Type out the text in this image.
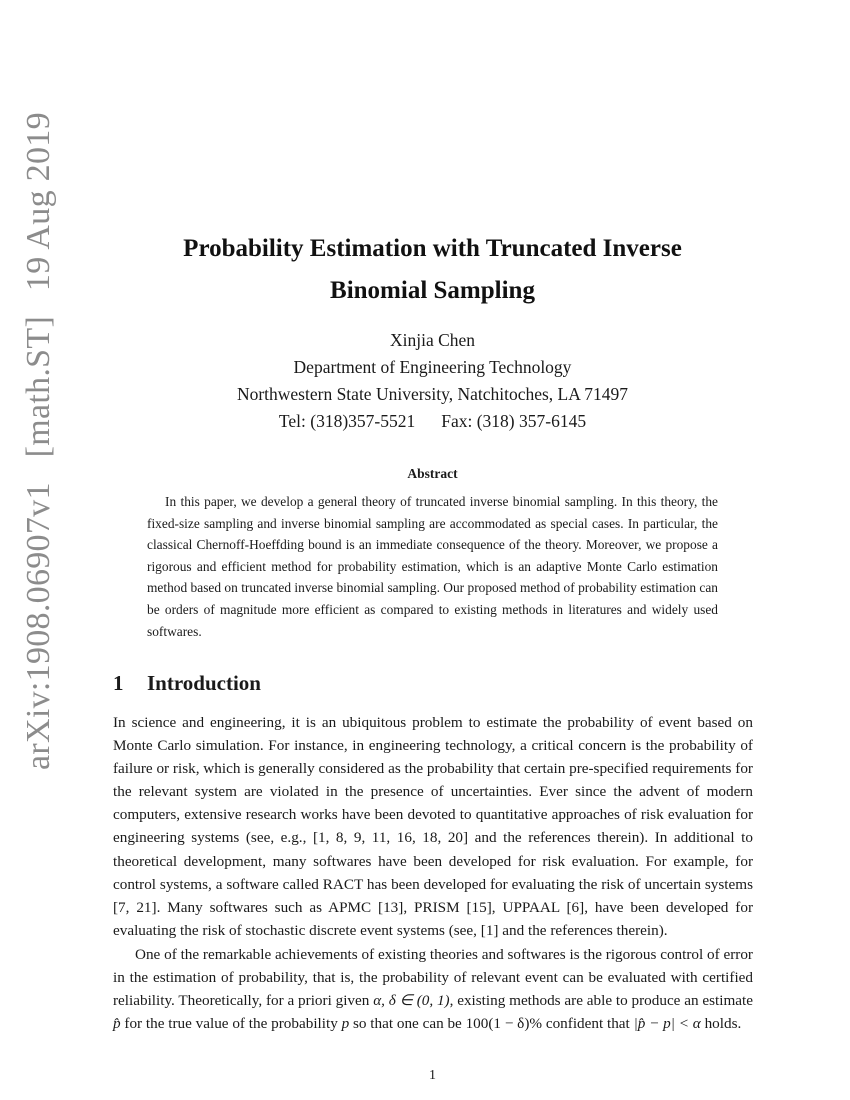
arXiv:1908.06907v1 [math.ST] 19 Aug 2019	Probability Estimation with Truncated Inverse
Binomial Sampling
Xinjia Chen
Department of Engineering Technology
Northwestern State University, Natchitoches, LA 71497
Tel: (318)357-5521 Fax: (318) 357-6145
Abstract
In this paper, we develop a general theory of truncated inverse binomial sampling. In this theory, the fixed-size sampling and inverse binomial sampling are accommodated as special cases. In particular, the classical Chernoff-Hoeffding bound is an immediate consequence of the theory. Moreover, we propose a rigorous and efficient method for probability estimation, which is an adaptive Monte Carlo estimation method based on truncated inverse binomial sampling. Our proposed method of probability estimation can be orders of magnitude more efficient as compared to existing methods in literatures and widely used softwares.
1 Introduction
In science and engineering, it is an ubiquitous problem to estimate the probability of event based on Monte Carlo simulation. For instance, in engineering technology, a critical concern is the probability of failure or risk, which is generally considered as the probability that certain pre-specified requirements for the relevant system are violated in the presence of uncertainties. Ever since the advent of modern computers, extensive research works have been devoted to quantitative approaches of risk evaluation for engineering systems (see, e.g., [1, 8, 9, 11, 16, 18, 20] and the references therein). In additional to theoretical development, many softwares have been developed for risk evaluation. For example, for control systems, a software called RACT has been developed for evaluating the risk of uncertain systems [7, 21]. Many softwares such as APMC [13], PRISM [15], UPPAAL [6], have been developed for evaluating the risk of stochastic discrete event systems (see, [1] and the references therein).
One of the remarkable achievements of existing theories and softwares is the rigorous control of error in the estimation of probability, that is, the probability of relevant event can be evaluated with certified reliability. Theoretically, for a priori given α, δ ∈ (0, 1), existing methods are able to produce an estimate p̂ for the true value of the probability p so that one can be 100(1 − δ)% confident that |p̂ − p| < α holds.
1
